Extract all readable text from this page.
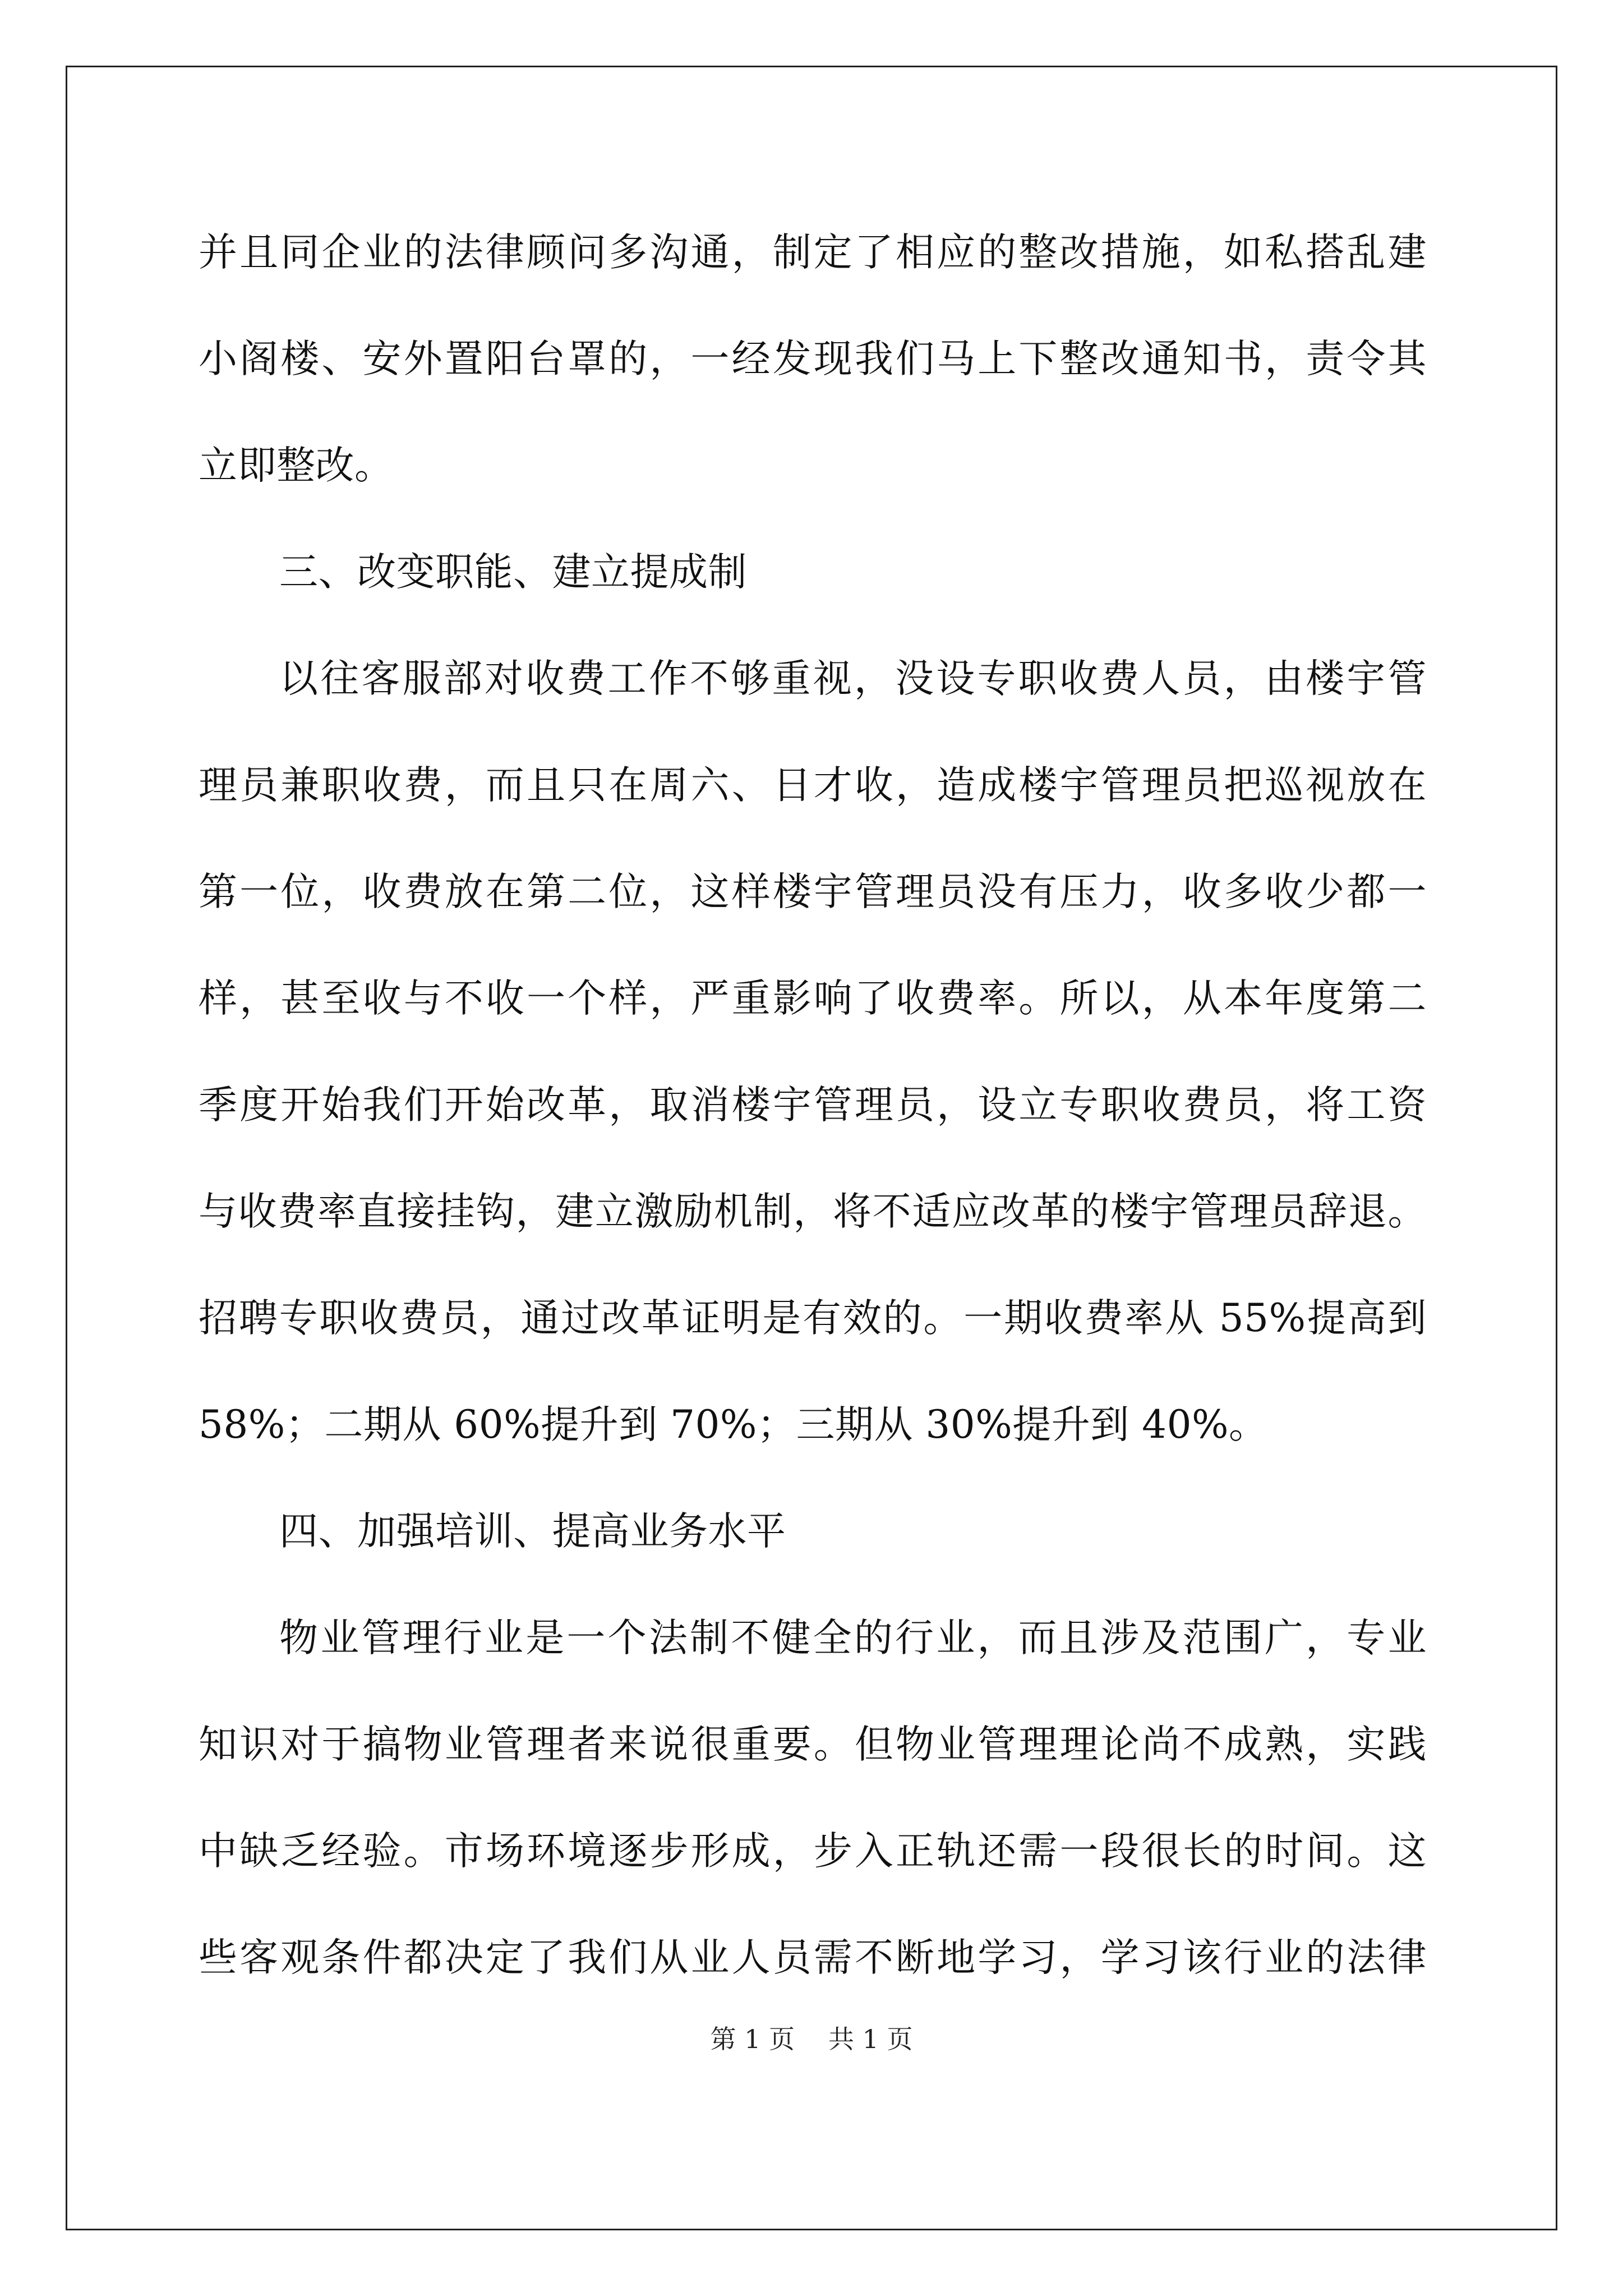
并且同企业的法律顾问多沟通，制定了相应的整改措施，如私搭乱建
小阁楼、安外置阳台罩的，一经发现我们马上下整改通知书，责令其
立即整改。
三、改变职能、建立提成制
以往客服部对收费工作不够重视，没设专职收费人员，由楼宇管
理员兼职收费，而且只在周六、日才收，造成楼宇管理员把巡视放在
第一位，收费放在第二位，这样楼宇管理员没有压力，收多收少都一
样，甚至收与不收一个样，严重影响了收费率。所以，从本年度第二
季度开始我们开始改革，取消楼宇管理员，设立专职收费员，将工资
与收费率直接挂钩，建立激励机制，将不适应改革的楼宇管理员辞退。
招聘专职收费员，通过改革证明是有效的。一期收费率从 55%提高到
58%；二期从 60%提升到 70%；三期从 30%提升到 40%。
四、加强培训、提高业务水平
物业管理行业是一个法制不健全的行业，而且涉及范围广，专业
知识对于搞物业管理者来说很重要。但物业管理理论尚不成熟，实践
中缺乏经验。市场环境逐步形成，步入正轨还需一段很长的时间。这
些客观条件都决定了我们从业人员需不断地学习，学习该行业的法律
第 1 页 共 1 页
